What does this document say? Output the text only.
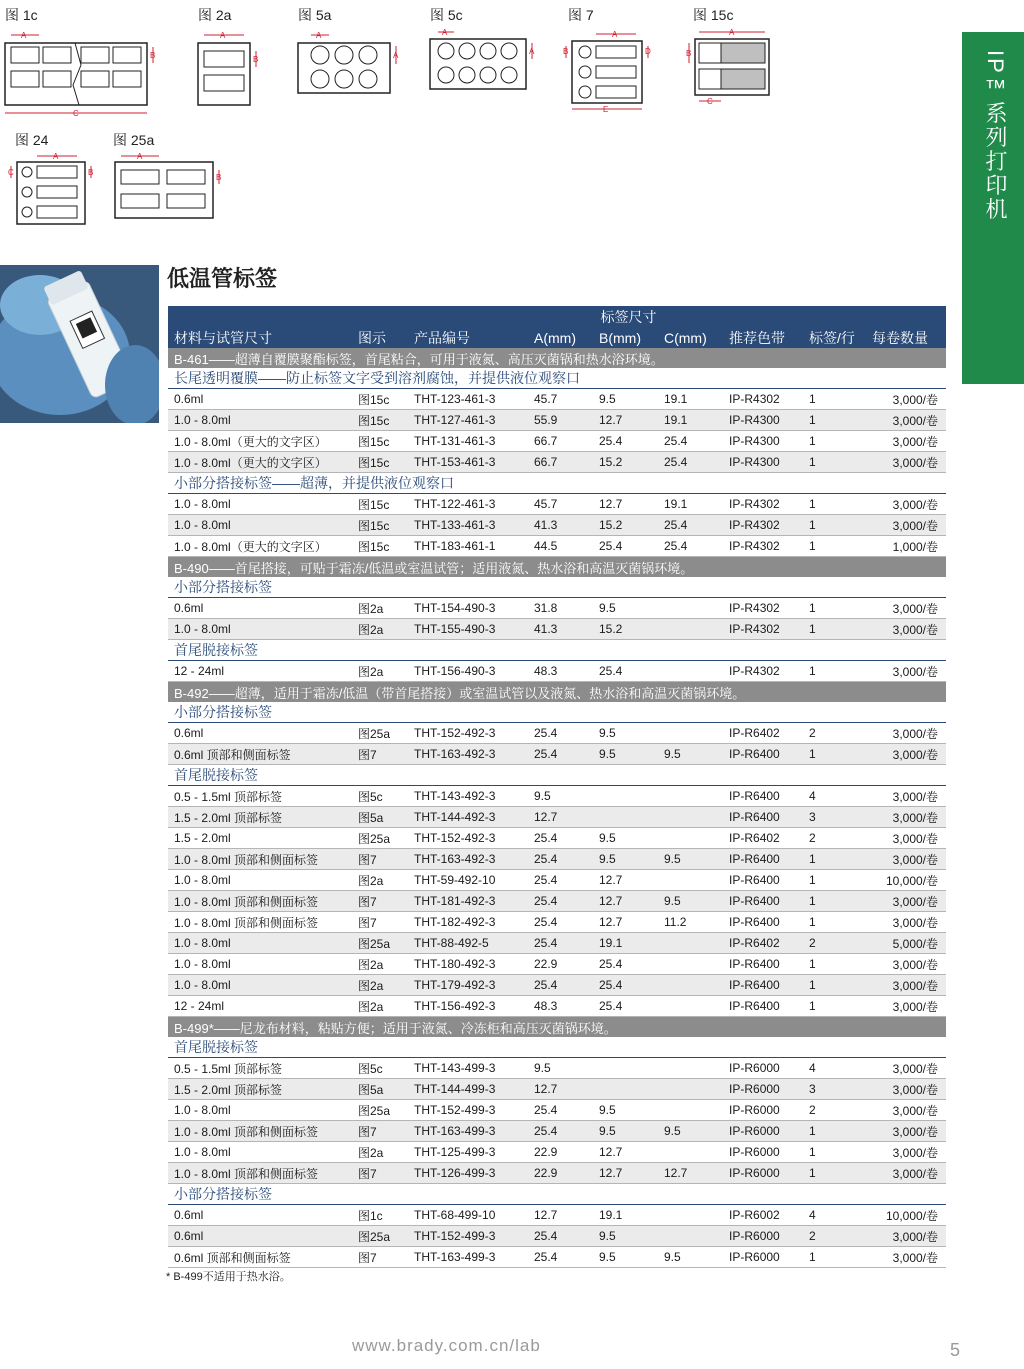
图 1c
A
B
C
图 2a
A
B
图 5a
A
A
图 5c
A
A
图 7
A
B	D
E
图 15c
A
B
C
图 24
A
C	B
图 25a
A
B	IP™系列打印机
低温管标签
			标签尺寸					
材料与试管尺寸	图示	产品编号	A(mm)	B(mm)	C(mm)	推荐色带	标签/行	每卷数量
B-461——超薄自覆膜聚酯标签，首尾粘合，可用于液氮、高压灭菌锅和热水浴环境。								
长尾透明覆膜——防止标签文字受到溶剂腐蚀，并提供液位观察口								
0.6ml	图15c	THT-123-461-3	45.7	9.5	19.1	IP-R4302	1	3,000/卷
1.0 - 8.0ml	图15c	THT-127-461-3	55.9	12.7	19.1	IP-R4300	1	3,000/卷
1.0 - 8.0ml（更大的文字区）	图15c	THT-131-461-3	66.7	25.4	25.4	IP-R4300	1	3,000/卷
1.0 - 8.0ml（更大的文字区）	图15c	THT-153-461-3	66.7	15.2	25.4	IP-R4300	1	3,000/卷
小部分搭接标签——超薄，并提供液位观察口								
1.0 - 8.0ml	图15c	THT-122-461-3	45.7	12.7	19.1	IP-R4302	1	3,000/卷
1.0 - 8.0ml	图15c	THT-133-461-3	41.3	15.2	25.4	IP-R4302	1	3,000/卷
1.0 - 8.0ml（更大的文字区）	图15c	THT-183-461-1	44.5	25.4	25.4	IP-R4302	1	1,000/卷
B-490——首尾搭接，可贴于霜冻/低温或室温试管；适用液氮、热水浴和高温灭菌锅环境。								
小部分搭接标签								
0.6ml	图2a	THT-154-490-3	31.8	9.5		IP-R4302	1	3,000/卷
1.0 - 8.0ml	图2a	THT-155-490-3	41.3	15.2		IP-R4302	1	3,000/卷
首尾脱接标签								
12 - 24ml	图2a	THT-156-490-3	48.3	25.4		IP-R4302	1	3,000/卷
B-492——超薄，适用于霜冻/低温（带首尾搭接）或室温试管以及液氮、热水浴和高温灭菌锅环境。								
小部分搭接标签								
0.6ml	图25a	THT-152-492-3	25.4	9.5		IP-R6402	2	3,000/卷
0.6ml 顶部和侧面标签	图7	THT-163-492-3	25.4	9.5	9.5	IP-R6400	1	3,000/卷
首尾脱接标签								
0.5 - 1.5ml 顶部标签	图5c	THT-143-492-3	9.5			IP-R6400	4	3,000/卷
1.5 - 2.0ml 顶部标签	图5a	THT-144-492-3	12.7			IP-R6400	3	3,000/卷
1.5 - 2.0ml	图25a	THT-152-492-3	25.4	9.5		IP-R6402	2	3,000/卷
1.0 - 8.0ml 顶部和侧面标签	图7	THT-163-492-3	25.4	9.5	9.5	IP-R6400	1	3,000/卷
1.0 - 8.0ml	图2a	THT-59-492-10	25.4	12.7		IP-R6400	1	10,000/卷
1.0 - 8.0ml 顶部和侧面标签	图7	THT-181-492-3	25.4	12.7	9.5	IP-R6400	1	3,000/卷
1.0 - 8.0ml 顶部和侧面标签	图7	THT-182-492-3	25.4	12.7	11.2	IP-R6400	1	3,000/卷
1.0 - 8.0ml	图25a	THT-88-492-5	25.4	19.1		IP-R6402	2	5,000/卷
1.0 - 8.0ml	图2a	THT-180-492-3	22.9	25.4		IP-R6400	1	3,000/卷
1.0 - 8.0ml	图2a	THT-179-492-3	25.4	25.4		IP-R6400	1	3,000/卷
12 - 24ml	图2a	THT-156-492-3	48.3	25.4		IP-R6400	1	3,000/卷
B-499*——尼龙布材料，粘贴方便；适用于液氮、冷冻柜和高压灭菌锅环境。								
首尾脱接标签								
0.5 - 1.5ml 顶部标签	图5c	THT-143-499-3	9.5			IP-R6000	4	3,000/卷
1.5 - 2.0ml 顶部标签	图5a	THT-144-499-3	12.7			IP-R6000	3	3,000/卷
1.0 - 8.0ml	图25a	THT-152-499-3	25.4	9.5		IP-R6000	2	3,000/卷
1.0 - 8.0ml 顶部和侧面标签	图7	THT-163-499-3	25.4	9.5	9.5	IP-R6000	1	3,000/卷
1.0 - 8.0ml	图2a	THT-125-499-3	22.9	12.7		IP-R6000	1	3,000/卷
1.0 - 8.0ml 顶部和侧面标签	图7	THT-126-499-3	22.9	12.7	12.7	IP-R6000	1	3,000/卷
小部分搭接标签								
0.6ml	图1c	THT-68-499-10	12.7	19.1		IP-R6002	4	10,000/卷
0.6ml	图25a	THT-152-499-3	25.4	9.5		IP-R6000	2	3,000/卷
0.6ml 顶部和侧面标签	图7	THT-163-499-3	25.4	9.5	9.5	IP-R6000	1	3,000/卷
* B-499不适用于热水浴。
www.brady.com.cn/lab	5
